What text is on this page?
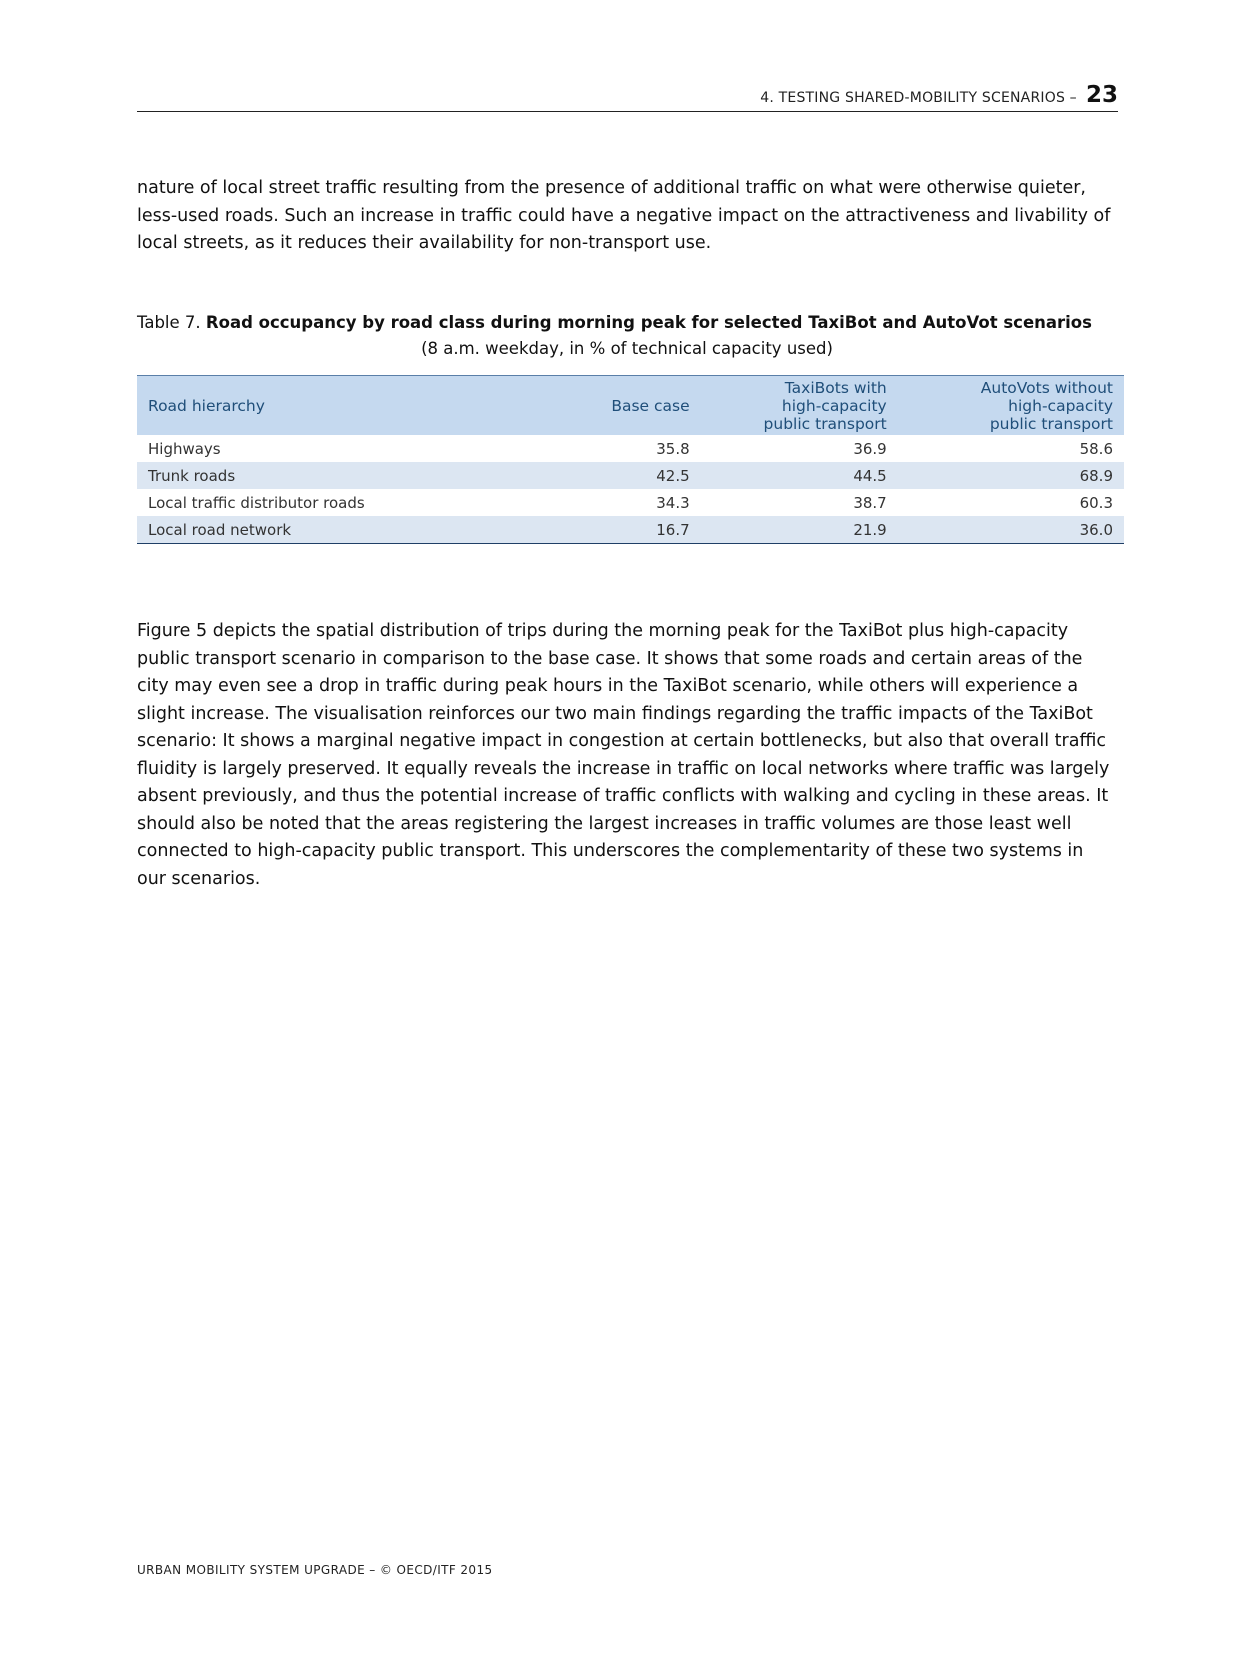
4. TESTING SHARED-MOBILITY SCENARIOS – 23

nature of local street traffic resulting from the presence of additional traffic on what were otherwise quieter, less-used roads. Such an increase in traffic could have a negative impact on the attractiveness and livability of local streets, as it reduces their availability for non-transport use.

Table 7. Road occupancy by road class during morning peak for selected TaxiBot and AutoVot scenarios
(8 a.m. weekday, in % of technical capacity used)
Road hierarchy	Base case	TaxiBots with high-capacity public transport	AutoVots without high-capacity public transport

Highways	35.8	36.9	58.6
Trunk roads	42.5	44.5	68.9
Local traffic distributor roads	34.3	38.7	60.3
Local road network	16.7	21.9	36.0

Figure 5 depicts the spatial distribution of trips during the morning peak for the TaxiBot plus high-capacity public transport scenario in comparison to the base case. It shows that some roads and certain areas of the city may even see a drop in traffic during peak hours in the TaxiBot scenario, while others will experience a slight increase. The visualisation reinforces our two main findings regarding the traffic impacts of the TaxiBot scenario: It shows a marginal negative impact in congestion at certain bottlenecks, but also that overall traffic fluidity is largely preserved. It equally reveals the increase in traffic on local networks where traffic was largely absent previously, and thus the potential increase of traffic conflicts with walking and cycling in these areas. It should also be noted that the areas registering the largest increases in traffic volumes are those least well connected to high-capacity public transport. This underscores the complementarity of these two systems in our scenarios.

URBAN MOBILITY SYSTEM UPGRADE – © OECD/ITF 2015
